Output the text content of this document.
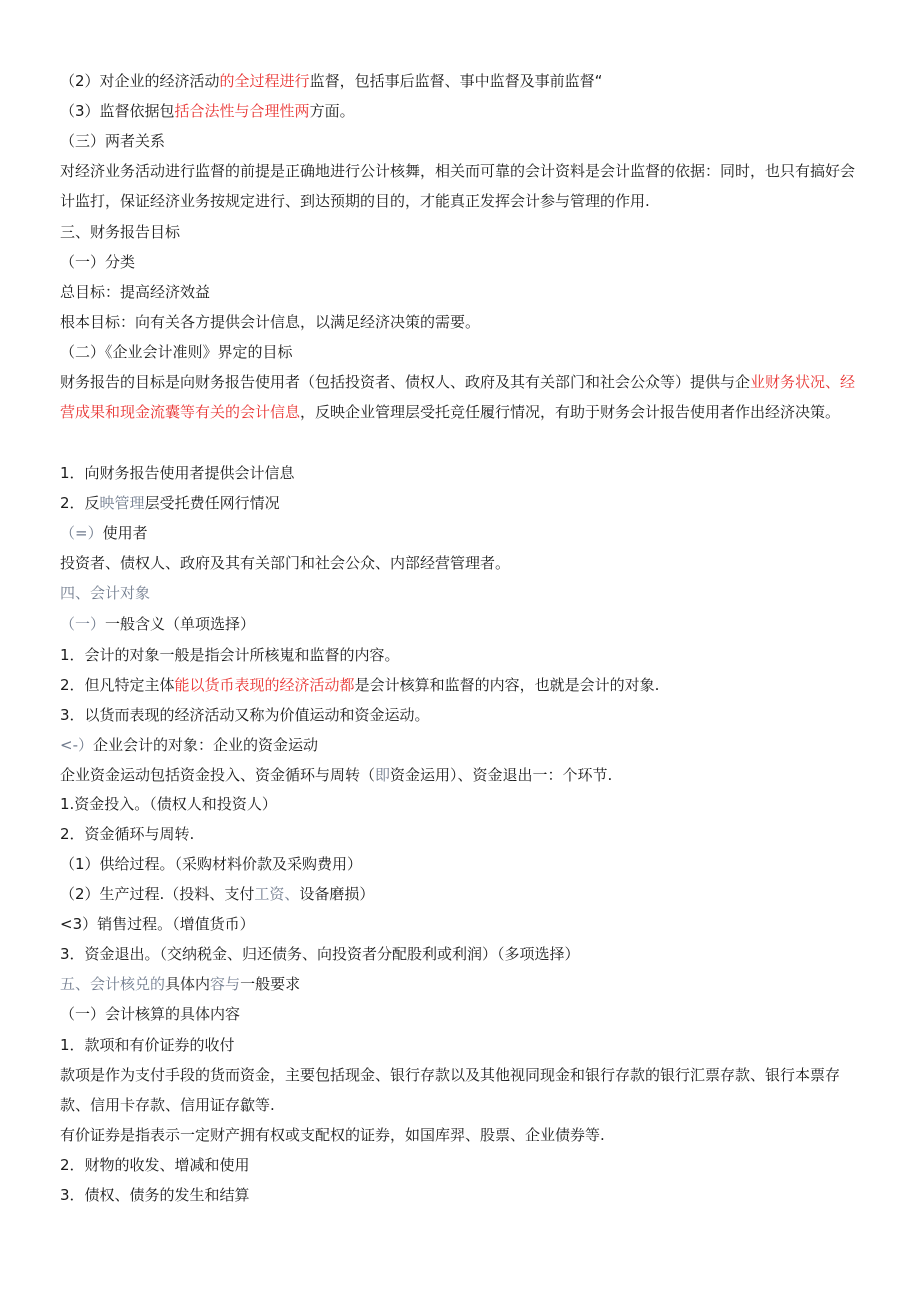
（2）对企业的经济活动的全过程进行监督，包括事后监督、事中监督及事前监督“
（3）监督依据包括合法性与合理性两方面。
（三）两者关系
对经济业务活动进行监督的前提是正确地进行公计核舞，相关而可靠的会计资料是会计监督的依据：同时，也只有搞好会计监打，保证经济业务按规定进行、到达预期的目的，才能真正发挥会计参与管理的作用.
三、财务报告目标
（一）分类
总目标：提高经济效益
根本目标：向有关各方提供会计信息，以满足经济决策的需要。
（二）《企业会计准则》界定的目标
财务报告的目标是向财务报告使用者（包括投资者、债权人、政府及其有关部门和社会公众等）提供与企业财务状况、经营成果和现金流囊等有关的会计信息，反映企业管理层受托竞任履行情况，有助于财务会计报告使用者作出经济决策。
1．向财务报告使用者提供会计信息
2．反映管理层受托费任网行情况
（=）使用者
投资者、债权人、政府及其有关部门和社会公众、内部经营管理者。
四、会计对象
（一）一般含义（单项选择）
1．会计的对象一般是指会计所核嵬和监督的内容。
2．但凡特定主体能以货币表现的经济活动都是会计核算和监督的内容，也就是会计的对象.
3．以货而表现的经济活动又称为价值运动和资金运动。
<-）企业会计的对象：企业的资金运动
企业资金运动包括资金投入、资金循环与周转（即资金运用）、资金退出一：个环节.
1.资金投入。（债权人和投资人）
2．资金循环与周转.
（1）供给过程。（采购材料价款及采购费用）
（2）生产过程.（投料、支付工资、设备磨损）
<3）销售过程。（增值货币）
3．资金退出。（交纳税金、归还债务、向投资者分配股利或利润）（多项选择）
五、会计核兑的具体内容与一般要求
（一）会计核算的具体内容
1．款项和有价证券的收付
款项是作为支付手段的货而资金，主要包括现金、银行存款以及其他视同现金和银行存款的银行汇票存款、银行本票存款、信用卡存款、信用证存歙等.
有价证券是指表示一定财产拥有权或支配权的证券，如国库羿、股票、企业债券等.
2．财物的收发、增减和使用
3．债权、债务的发生和结算
